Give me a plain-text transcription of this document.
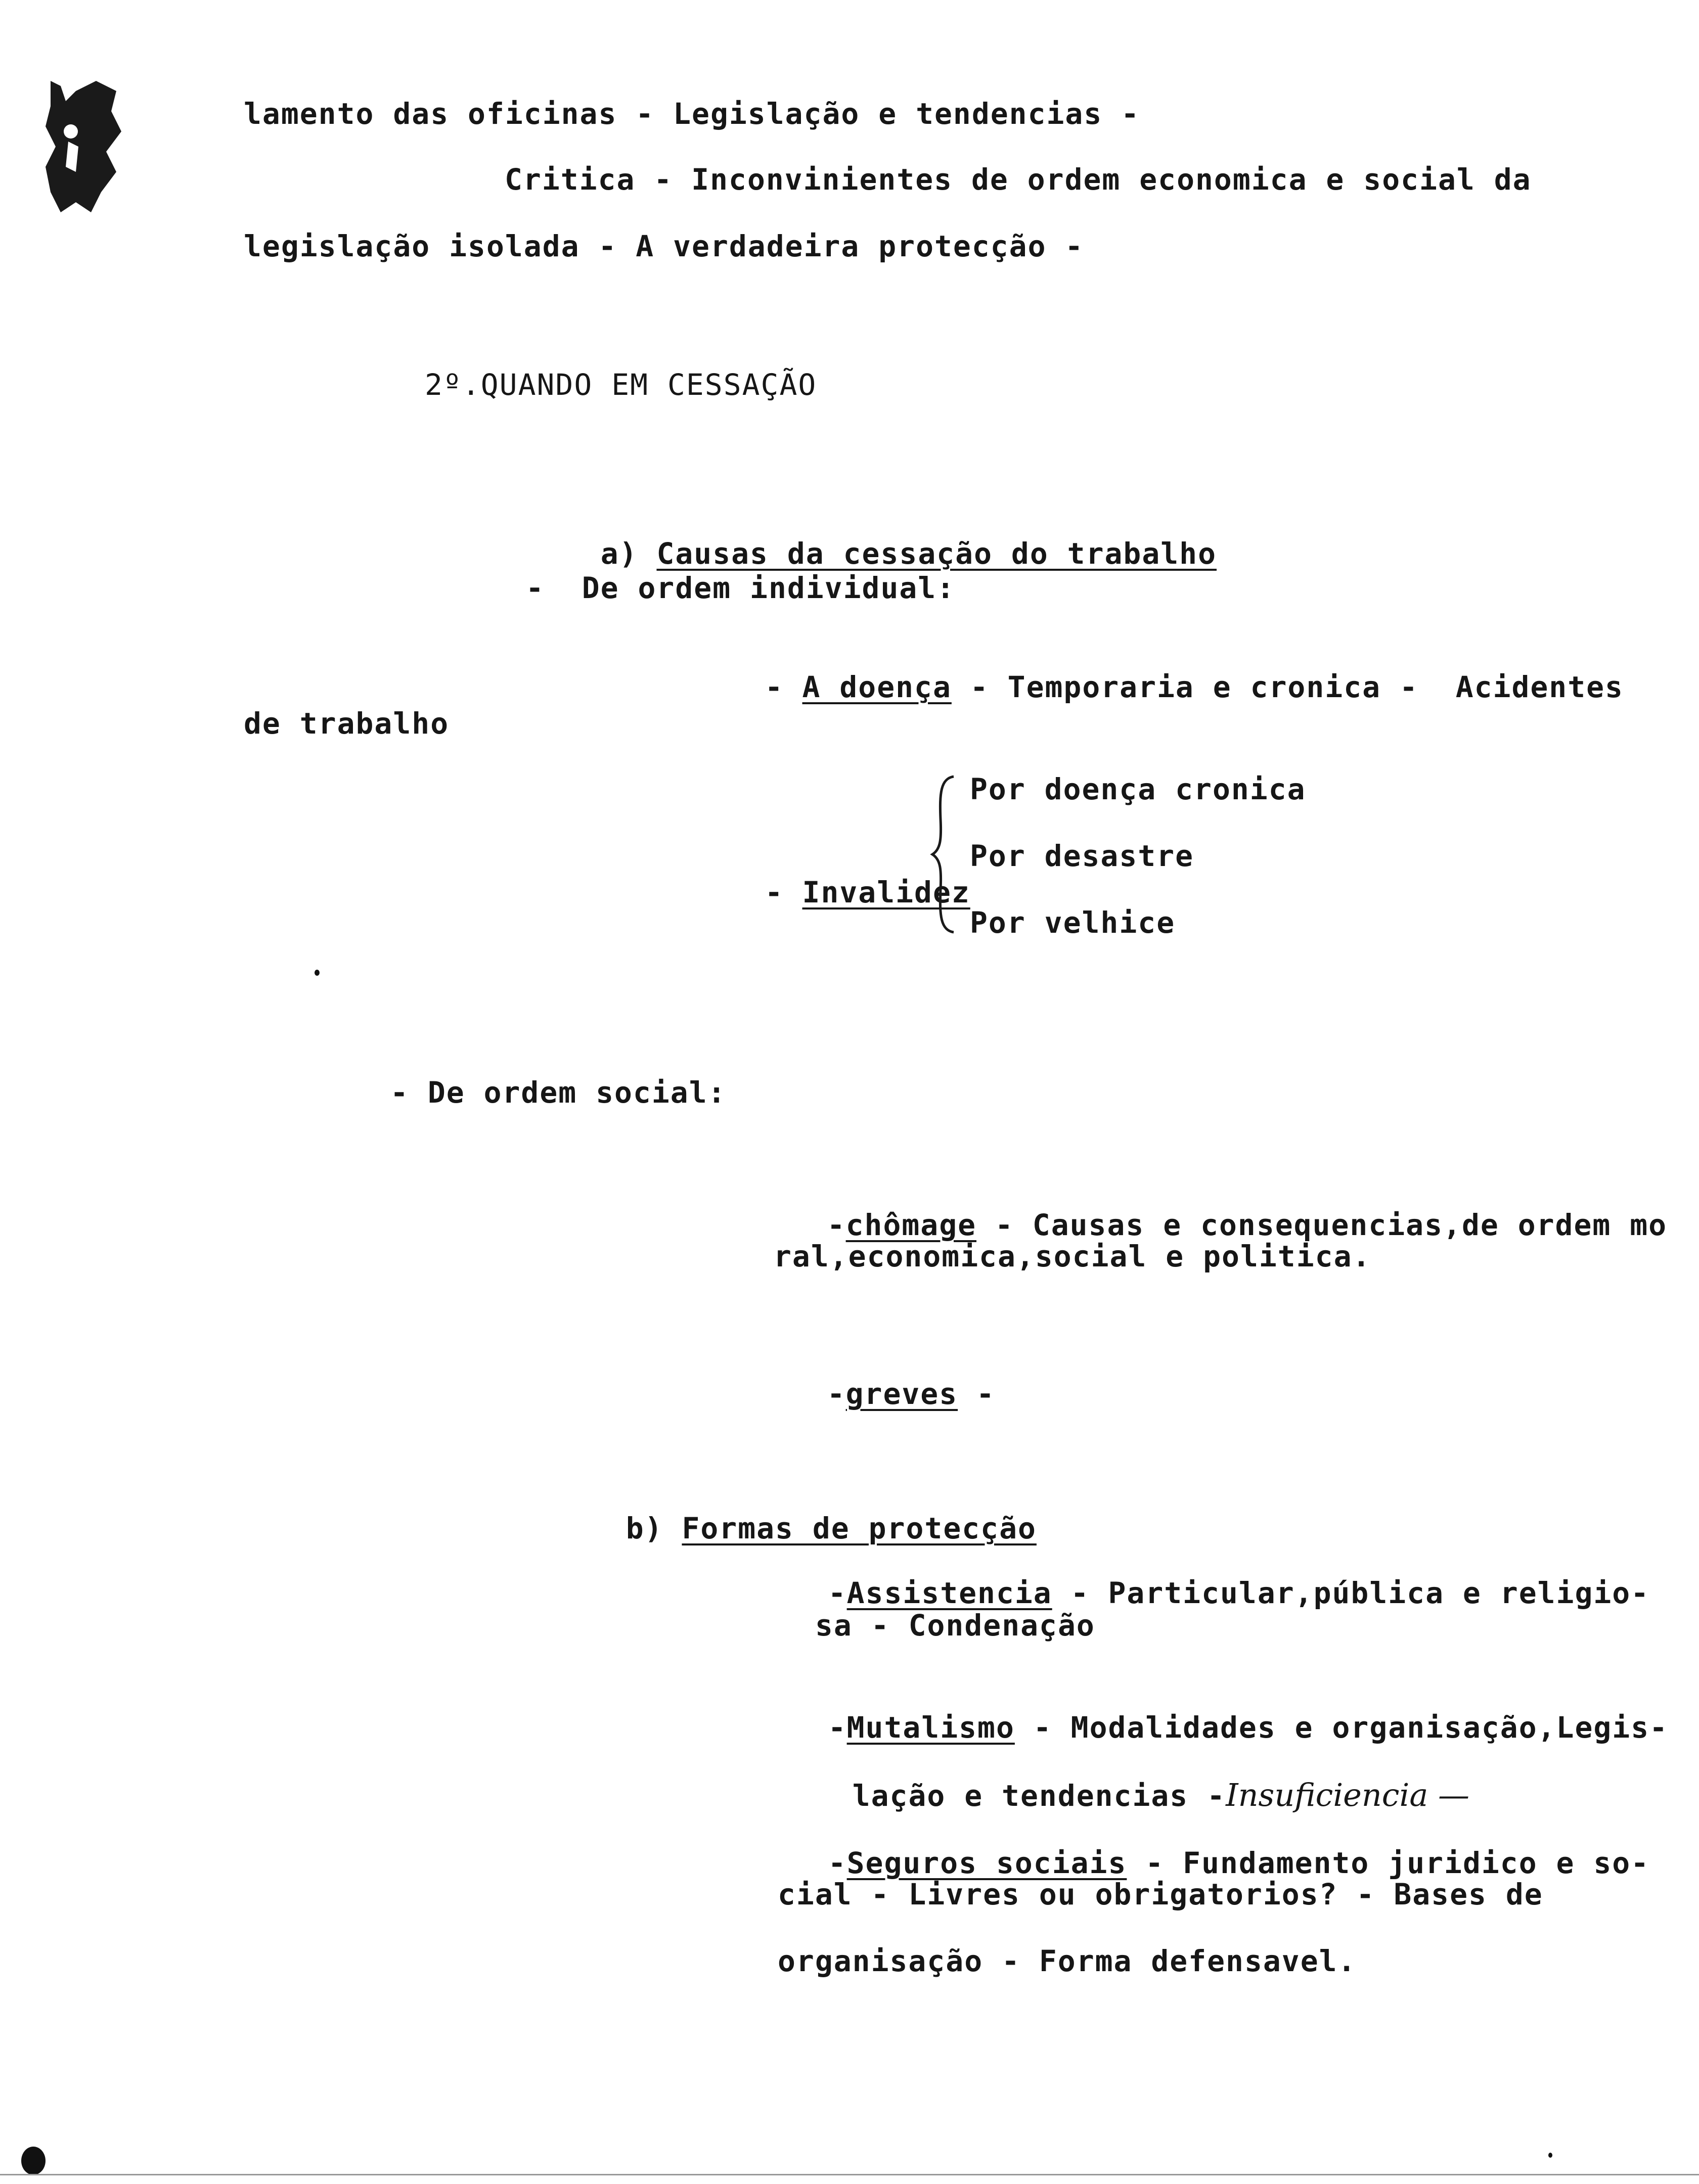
lamento das oficinas - Legislação e tendencias -
Critica - Inconvinientes de ordem economica e social da
legislação isolada - A verdadeira protecção -
2º.QUANDO EM CESSAÇÃO

a) Causas da cessação do trabalho

-  De ordem individual:

- A doença - Temporaria e cronica -  Acidentes

de trabalho

- Invalidez

Por doença cronica
Por desastre
Por velhice
- De ordem social:

-chômage - Causas e consequencias,de ordem mo

ral,economica,social e politica.

-greves -

b) Formas de protecção

-Assistencia - Particular,pública e religio-

sa - Condenação

-Mutalismo - Modalidades e organisação,Legis-

lação e tendencias -Insuficiencia —

-Seguros sociais - Fundamento juridico e so-

cial - Livres ou obrigatorios? - Bases de
organisação - Forma defensavel.
